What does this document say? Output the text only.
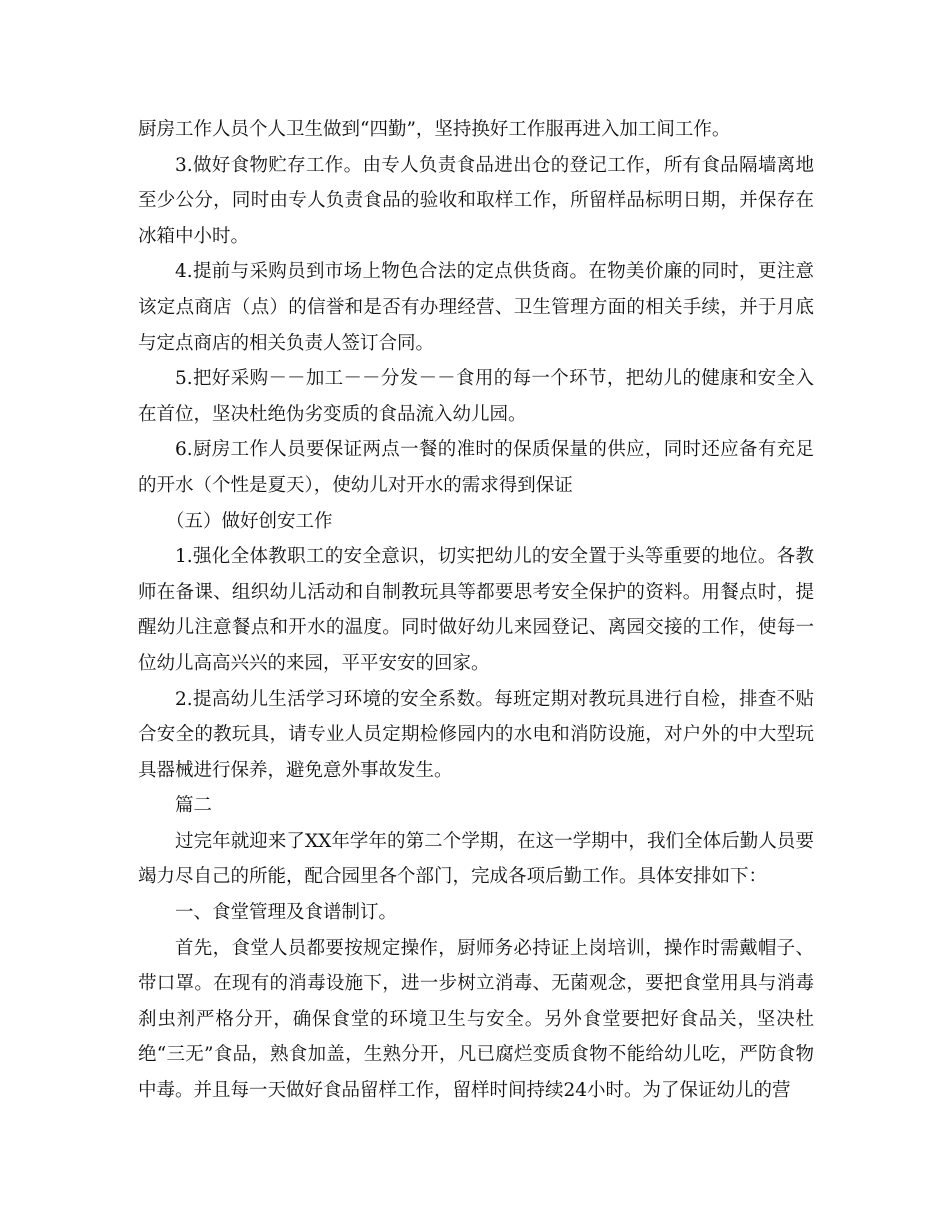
厨房工作人员个人卫生做到“四勤”，坚持换好工作服再进入加工间工作。

3.做好食物贮存工作。由专人负责食品进出仓的登记工作，所有食品隔墙离地至少公分，同时由专人负责食品的验收和取样工作，所留样品标明日期，并保存在冰箱中小时。

4.提前与采购员到市场上物色合法的定点供货商。在物美价廉的同时，更注意该定点商店（点）的信誉和是否有办理经营、卫生管理方面的相关手续，并于月底与定点商店的相关负责人签订合同。

5.把好采购－－加工－－分发－－食用的每一个环节，把幼儿的健康和安全入在首位，坚决杜绝伪劣变质的食品流入幼儿园。

6.厨房工作人员要保证两点一餐的准时的保质保量的供应，同时还应备有充足的开水（个性是夏天），使幼儿对开水的需求得到保证

（五）做好创安工作

1.强化全体教职工的安全意识，切实把幼儿的安全置于头等重要的地位。各教师在备课、组织幼儿活动和自制教玩具等都要思考安全保护的资料。用餐点时，提醒幼儿注意餐点和开水的温度。同时做好幼儿来园登记、离园交接的工作，使每一位幼儿高高兴兴的来园，平平安安的回家。

2.提高幼儿生活学习环境的安全系数。每班定期对教玩具进行自检，排查不贴合安全的教玩具，请专业人员定期检修园内的水电和消防设施，对户外的中大型玩具器械进行保养，避免意外事故发生。

篇二

过完年就迎来了XX年学年的第二个学期，在这一学期中，我们全体后勤人员要竭力尽自己的所能，配合园里各个部门，完成各项后勤工作。具体安排如下：

一、食堂管理及食谱制订。

首先，食堂人员都要按规定操作，厨师务必持证上岗培训，操作时需戴帽子、带口罩。在现有的消毒设施下，进一步树立消毒、无菌观念，要把食堂用具与消毒刹虫剂严格分开，确保食堂的环境卫生与安全。另外食堂要把好食品关，坚决杜绝“三无”食品，熟食加盖，生熟分开，凡已腐烂变质食物不能给幼儿吃，严防食物中毒。并且每一天做好食品留样工作，留样时间持续24小时。为了保证幼儿的营
